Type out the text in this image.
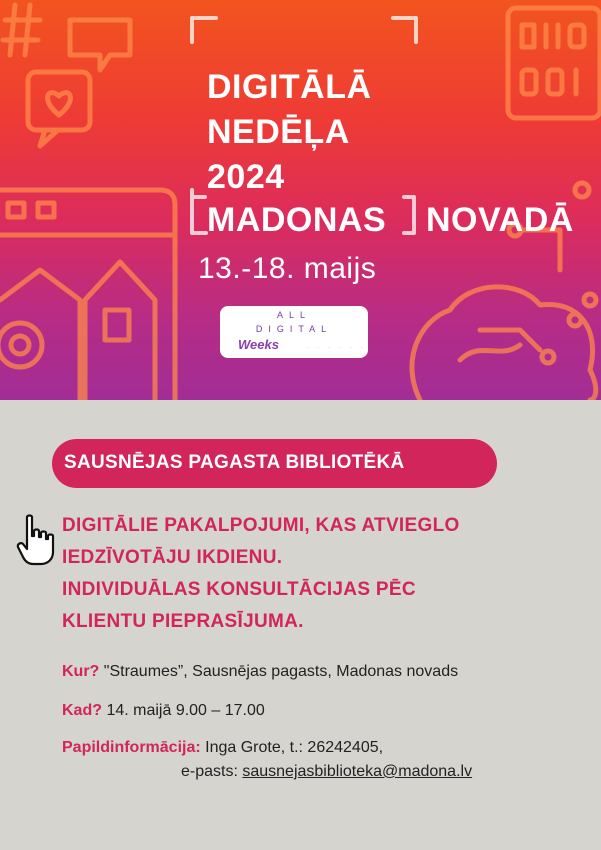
DIGITĀLĀ
NEDĒĻA
2024
MADONAS NOVADĀ
13.-18. maijs
ALL
DIGITAL
Weeks	· · · · · ·
SAUSNĒJAS PAGASTA BIBLIOTĒKĀ
DIGITĀLIE PAKALPOJUMI, KAS ATVIEGLO
IEDZĪVOTĀJU IKDIENU.
INDIVIDUĀLAS KONSULTĀCIJAS PĒC
KLIENTU PIEPRASĪJUMA.
Kur? "Straumes”, Sausnējas pagasts, Madonas novads
Kad? 14. maijā 9.00 – 17.00
Papildinformācija: Inga Grote, t.: 26242405,
e-pasts: sausnejasbiblioteka@madona.lv
